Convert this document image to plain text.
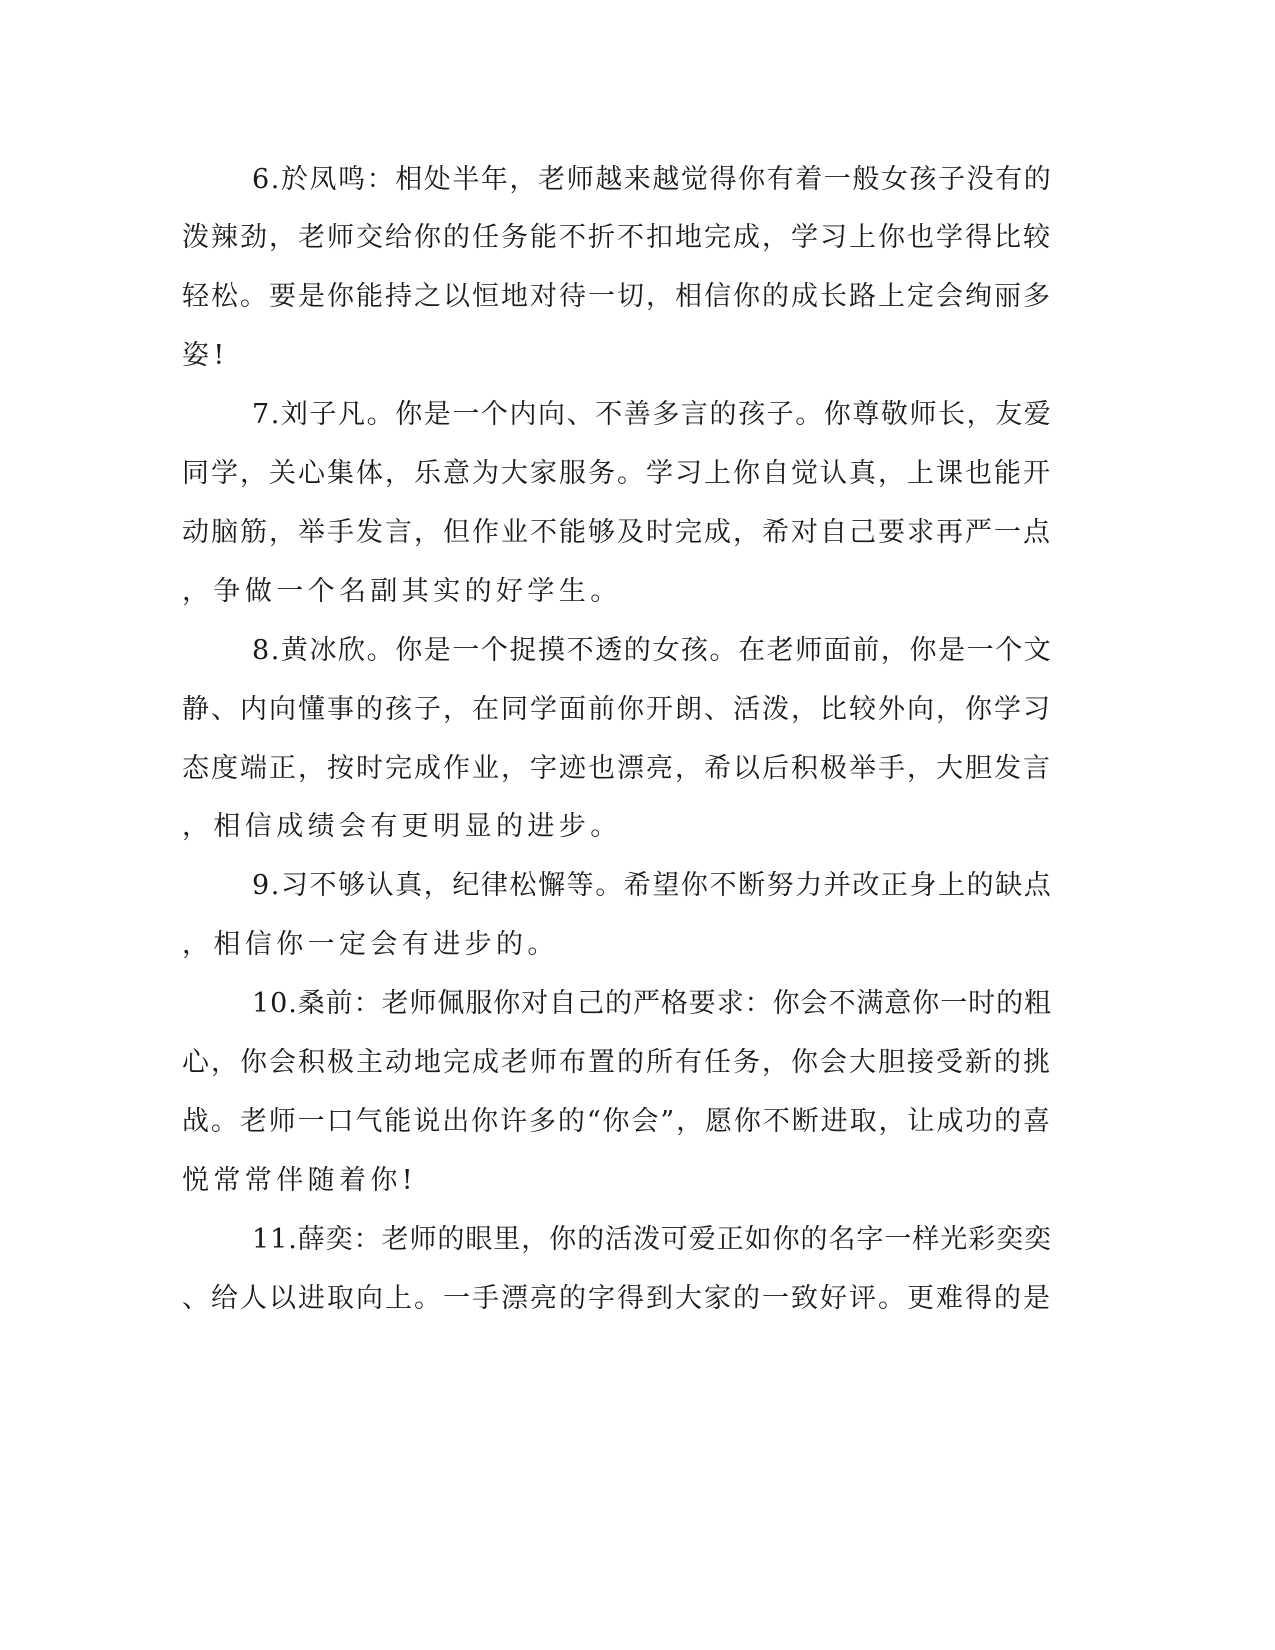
6.於凤鸣：相处半年，老师越来越觉得你有着一般女孩子没有的
泼辣劲，老师交给你的任务能不折不扣地完成，学习上你也学得比较
轻松。要是你能持之以恒地对待一切，相信你的成长路上定会绚丽多
姿!
7.刘子凡。你是一个内向、不善多言的孩子。你尊敬师长，友爱
同学，关心集体，乐意为大家服务。学习上你自觉认真，上课也能开
动脑筋，举手发言，但作业不能够及时完成，希对自己要求再严一点
，争做一个名副其实的好学生。
8.黄冰欣。你是一个捉摸不透的女孩。在老师面前，你是一个文
静、内向懂事的孩子，在同学面前你开朗、活泼，比较外向，你学习
态度端正，按时完成作业，字迹也漂亮，希以后积极举手，大胆发言
，相信成绩会有更明显的进步。
9.习不够认真，纪律松懈等。希望你不断努力并改正身上的缺点
，相信你一定会有进步的。
10.桑前：老师佩服你对自己的严格要求：你会不满意你一时的粗
心，你会积极主动地完成老师布置的所有任务，你会大胆接受新的挑
战。老师一口气能说出你许多的“你会”，愿你不断进取，让成功的喜
悦常常伴随着你!
11.薛奕：老师的眼里，你的活泼可爱正如你的名字一样光彩奕奕
、给人以进取向上。一手漂亮的字得到大家的一致好评。更难得的是
